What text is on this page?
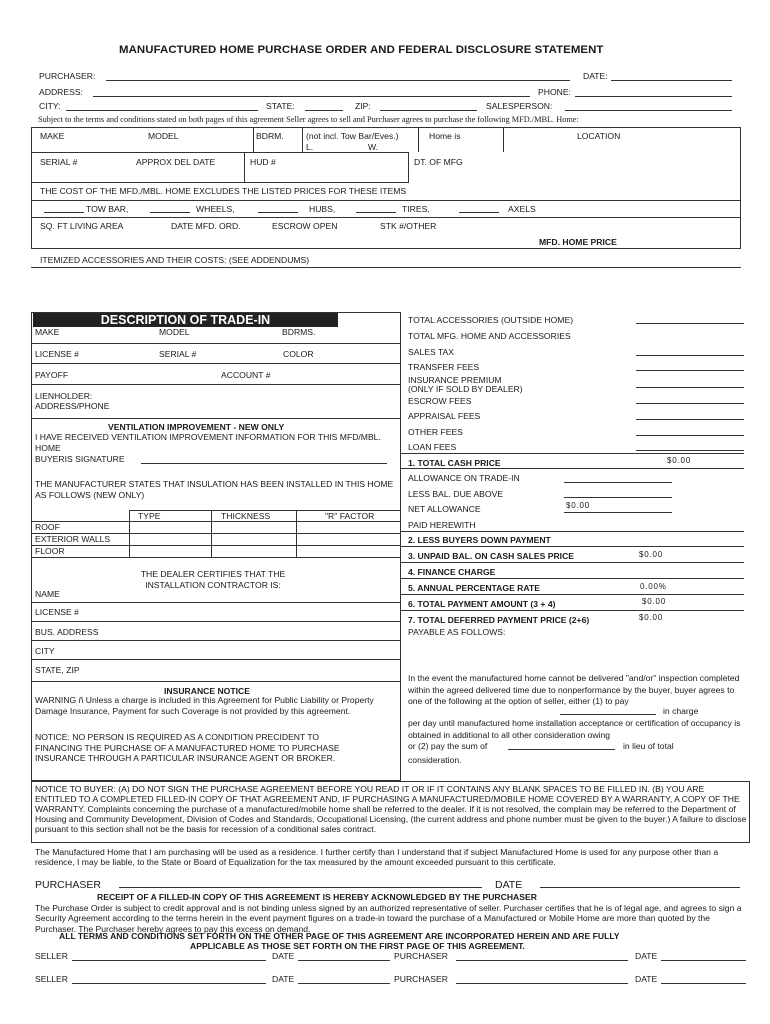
MANUFACTURED HOME PURCHASE ORDER AND FEDERAL DISCLOSURE STATEMENT
PURCHASER:	DATE:
ADDRESS:	PHONE:
CITY:	STATE:	ZIP:	SALESPERSON:
Subject to the terms and conditions stated on both pages of this agreement Seller agrees to sell and Purchaser agrees to purchase the following MFD./MBL. Home:
MAKE	MODEL	BDRM.	(not incl. Tow Bar/Eves.)
L.	W.
Home is	LOCATION
SERIAL #	APPROX DEL DATE	HUD #	DT. OF MFG
THE COST OF THE MFD./MBL. HOME EXCLUDES THE LISTED PRICES FOR THESE ITEMS
TOW BAR,	WHEELS,	HUBS,	TIRES,	AXELS
SQ. FT LIVING AREA	DATE MFD. ORD.	ESCROW OPEN	STK #/OTHER
MFD. HOME PRICE
ITEMIZED ACCESSORIES AND THEIR COSTS: (SEE ADDENDUMS)
DESCRIPTION OF TRADE-IN
MAKE	MODEL	BDRMS.
LICENSE #	SERIAL #	COLOR
PAYOFF	ACCOUNT #
LIENHOLDER:
ADDRESS/PHONE
VENTILATION IMPROVEMENT - NEW ONLY
I HAVE RECEIVED VENTILATION IMPROVEMENT INFORMATION FOR THIS MFD/MBL. HOME
BUYERIS SIGNATURE
THE MANUFACTURER STATES THAT INSULATION HAS BEEN INSTALLED IN THIS HOME AS FOLLOWS (NEW ONLY)
TYPE	THICKNESS	"R" FACTOR
ROOF
EXTERIOR WALLS
FLOOR
THE DEALER CERTIFIES THAT THE INSTALLATION CONTRACTOR IS:
NAME
LICENSE #
BUS. ADDRESS
CITY
STATE, ZIP
INSURANCE NOTICE
WARNING ñ Unless a charge is included in this Agreement for Public Liability or Property Damage Insurance, Payment for such Coverage is not provided by this agreement.
NOTICE: NO PERSON IS REQUIRED AS A CONDITION PRECIDENT TO FINANCING THE PURCHASE OF A MANUFACTURED HOME TO PURCHASE INSURANCE THROUGH A PARTICULAR INSURANCE AGENT OR BROKER.
TOTAL ACCESSORIES (OUTSIDE HOME)
TOTAL MFG. HOME AND ACCESSORIES
SALES TAX
TRANSFER FEES
INSURANCE PREMIUM
(ONLY IF SOLD BY DEALER)
ESCROW FEES
APPRAISAL FEES
OTHER FEES
LOAN FEES
1. TOTAL CASH PRICE	$0.00
ALLOWANCE ON TRADE-IN
LESS BAL. DUE ABOVE
NET ALLOWANCE	$0.00
PAID HEREWITH
2. LESS BUYERS DOWN PAYMENT
3. UNPAID BAL. ON CASH SALES PRICE	$0.00
4. FINANCE CHARGE
5. ANNUAL PERCENTAGE RATE	0.00%
6. TOTAL PAYMENT AMOUNT (3 + 4)	$0.00
7. TOTAL DEFERRED PAYMENT PRICE (2+6)	$0.00
PAYABLE AS FOLLOWS:
In the event the manufactured home cannot be delivered "and/or" inspection completed within the agreed delivered time due to nonperformance by the buyer, buyer agrees to one of the following at the option of seller, either (1) to pay
in charge
per day until manufactured home installation acceptance or certification of occupancy is obtained in additional to all other consideration owing
or (2) pay the sum of	in lieu of total
consideration.
NOTICE TO BUYER: (A) DO NOT SIGN THE PURCHASE AGREEMENT BEFORE YOU READ IT OR IF IT CONTAINS ANY BLANK SPACES TO BE FILLED IN. (B) YOU ARE ENTITLED TO A COMPLETED FILLED-IN COPY OF THAT AGREEMENT AND, IF PURCHASING A MANUFACTURED/MOBILE HOME COVERED BY A WARRANTY, A COPY OF THE WARRANTY. Complaints concerning the purchase of a manufactured/mobile home shall be referred to the dealer. If it is not resolved, the complain may be referred to the Department of Housing and Community Development, Division of Codes and Standards, Occupational Licensing, (the current address and phone number must be given to the buyer.) A failure to disclose pursuant to this section shall not be the basis for recession of a conditional sales contract.
The Manufactured Home that I am purchasing will be used as a residence. I further certify than I understand that if subject Manufactured Home is used for any purpose other than a residence, I may be liable, to the State or Board of Equalization for the tax measured by the amount exceeded pursuant to this certificate.
PURCHASER	DATE
RECEIPT OF A FILLED-IN COPY OF THIS AGREEMENT IS HEREBY ACKNOWLEDGED BY THE PURCHASER
The Purchase Order is subject to credit approval and is not binding unless signed by an authorized representative of seller. Purchaser certifies that he is of legal age, and agrees to sign a Security Agreement according to the terms herein in the event payment figures on a trade-in toward the purchase of a Manufactured or Mobile Home are more than quoted by the Purchaser. The Purchaser hereby agrees to pay this excess on demand.
ALL TERMS AND CONDITIONS SET FORTH ON THE OTHER PAGE OF THIS AGREEMENT ARE INCORPORATED HEREIN AND ARE FULLY
APPLICABLE AS THOSE SET FORTH ON THE FIRST PAGE OF THIS AGREEMENT.
SELLER	DATE	PURCHASER	DATE
SELLER	DATE	PURCHASER	DATE
